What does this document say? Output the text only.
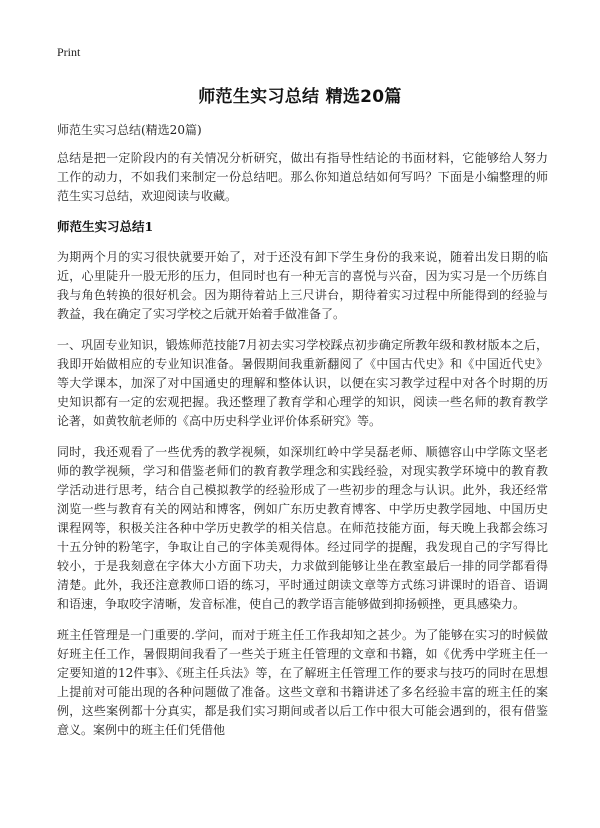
Print
师范生实习总结 精选20篇
师范生实习总结(精选20篇)

总结是把一定阶段内的有关情况分析研究，做出有指导性结论的书面材料，它能够给人努力工作的动力，不如我们来制定一份总结吧。那么你知道总结如何写吗？下面是小编整理的师范生实习总结，欢迎阅读与收藏。

师范生实习总结1

为期两个月的实习很快就要开始了，对于还没有卸下学生身份的我来说，随着出发日期的临近，心里陡升一股无形的压力，但同时也有一种无言的喜悦与兴奋，因为实习是一个历练自我与角色转换的很好机会。因为期待着站上三尺讲台，期待着实习过程中所能得到的经验与教益，我在确定了实习学校之后就开始着手做准备了。

一、巩固专业知识，锻炼师范技能7月初去实习学校踩点初步确定所教年级和教材版本之后，我即开始做相应的专业知识准备。暑假期间我重新翻阅了《中国古代史》和《中国近代史》等大学课本，加深了对中国通史的理解和整体认识，以便在实习教学过程中对各个时期的历史知识都有一定的宏观把握。我还整理了教育学和心理学的知识，阅读一些名师的教育教学论著，如黄牧航老师的《高中历史科学业评价体系研究》等。

同时，我还观看了一些优秀的教学视频，如深圳红岭中学吴磊老师、顺德容山中学陈文坚老师的教学视频，学习和借鉴老师们的教育教学理念和实践经验，对现实教学环境中的教育教学活动进行思考，结合自己模拟教学的经验形成了一些初步的理念与认识。此外，我还经常浏览一些与教育有关的网站和博客，例如广东历史教育博客、中学历史教学园地、中国历史课程网等，积极关注各种中学历史教学的相关信息。在师范技能方面，每天晚上我都会练习十五分钟的粉笔字，争取让自己的字体美观得体。经过同学的提醒，我发现自己的字写得比较小，于是我刻意在字体大小方面下功夫，力求做到能够让坐在教室最后一排的同学都看得清楚。此外，我还注意教师口语的练习，平时通过朗读文章等方式练习讲课时的语音、语调和语速，争取咬字清晰，发音标准，使自己的教学语言能够做到抑扬顿挫，更具感染力。

班主任管理是一门重要的.学问，而对于班主任工作我却知之甚少。为了能够在实习的时候做好班主任工作，暑假期间我看了一些关于班主任管理的文章和书籍，如《优秀中学班主任一定要知道的12件事》、《班主任兵法》等，在了解班主任管理工作的要求与技巧的同时在思想上提前对可能出现的各种问题做了准备。这些文章和书籍讲述了多名经验丰富的班主任的案例，这些案例都十分真实，都是我们实习期间或者以后工作中很大可能会遇到的，很有借鉴意义。案例中的班主任们凭借他
